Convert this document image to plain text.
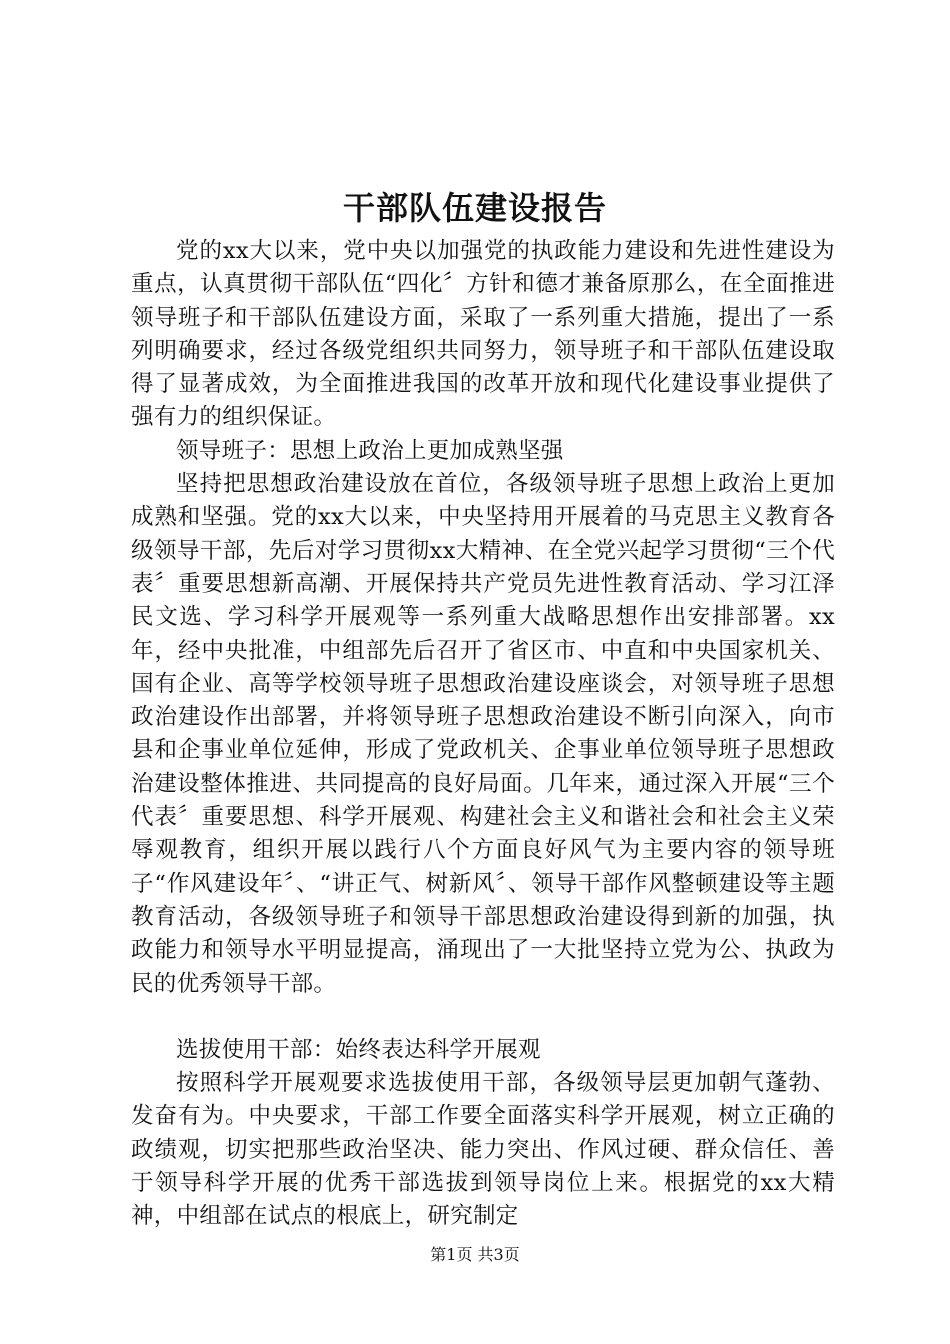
干部队伍建设报告

党的xx大以来，党中央以加强党的执政能力建设和先进性建设为重点，认真贯彻干部队伍“四化〞方针和德才兼备原那么，在全面推进领导班子和干部队伍建设方面，采取了一系列重大措施，提出了一系列明确要求，经过各级党组织共同努力，领导班子和干部队伍建设取得了显著成效，为全面推进我国的改革开放和现代化建设事业提供了强有力的组织保证。

领导班子：思想上政治上更加成熟坚强

坚持把思想政治建设放在首位，各级领导班子思想上政治上更加成熟和坚强。党的xx大以来，中央坚持用开展着的马克思主义教育各级领导干部，先后对学习贯彻xx大精神、在全党兴起学习贯彻“三个代表〞重要思想新高潮、开展保持共产党员先进性教育活动、学习江泽民文选、学习科学开展观等一系列重大战略思想作出安排部署。xx年，经中央批准，中组部先后召开了省区市、中直和中央国家机关、国有企业、高等学校领导班子思想政治建设座谈会，对领导班子思想政治建设作出部署，并将领导班子思想政治建设不断引向深入，向市县和企事业单位延伸，形成了党政机关、企事业单位领导班子思想政治建设整体推进、共同提高的良好局面。几年来，通过深入开展“三个代表〞重要思想、科学开展观、构建社会主义和谐社会和社会主义荣辱观教育，组织开展以践行八个方面良好风气为主要内容的领导班子“作风建设年〞、“讲正气、树新风〞、领导干部作风整顿建设等主题教育活动，各级领导班子和领导干部思想政治建设得到新的加强，执政能力和领导水平明显提高，涌现出了一大批坚持立党为公、执政为民的优秀领导干部。

选拔使用干部：始终表达科学开展观

按照科学开展观要求选拔使用干部，各级领导层更加朝气蓬勃、发奋有为。中央要求，干部工作要全面落实科学开展观，树立正确的政绩观，切实把那些政治坚决、能力突出、作风过硬、群众信任、善于领导科学开展的优秀干部选拔到领导岗位上来。根据党的xx大精神，中组部在试点的根底上，研究制定

第1页 共3页
